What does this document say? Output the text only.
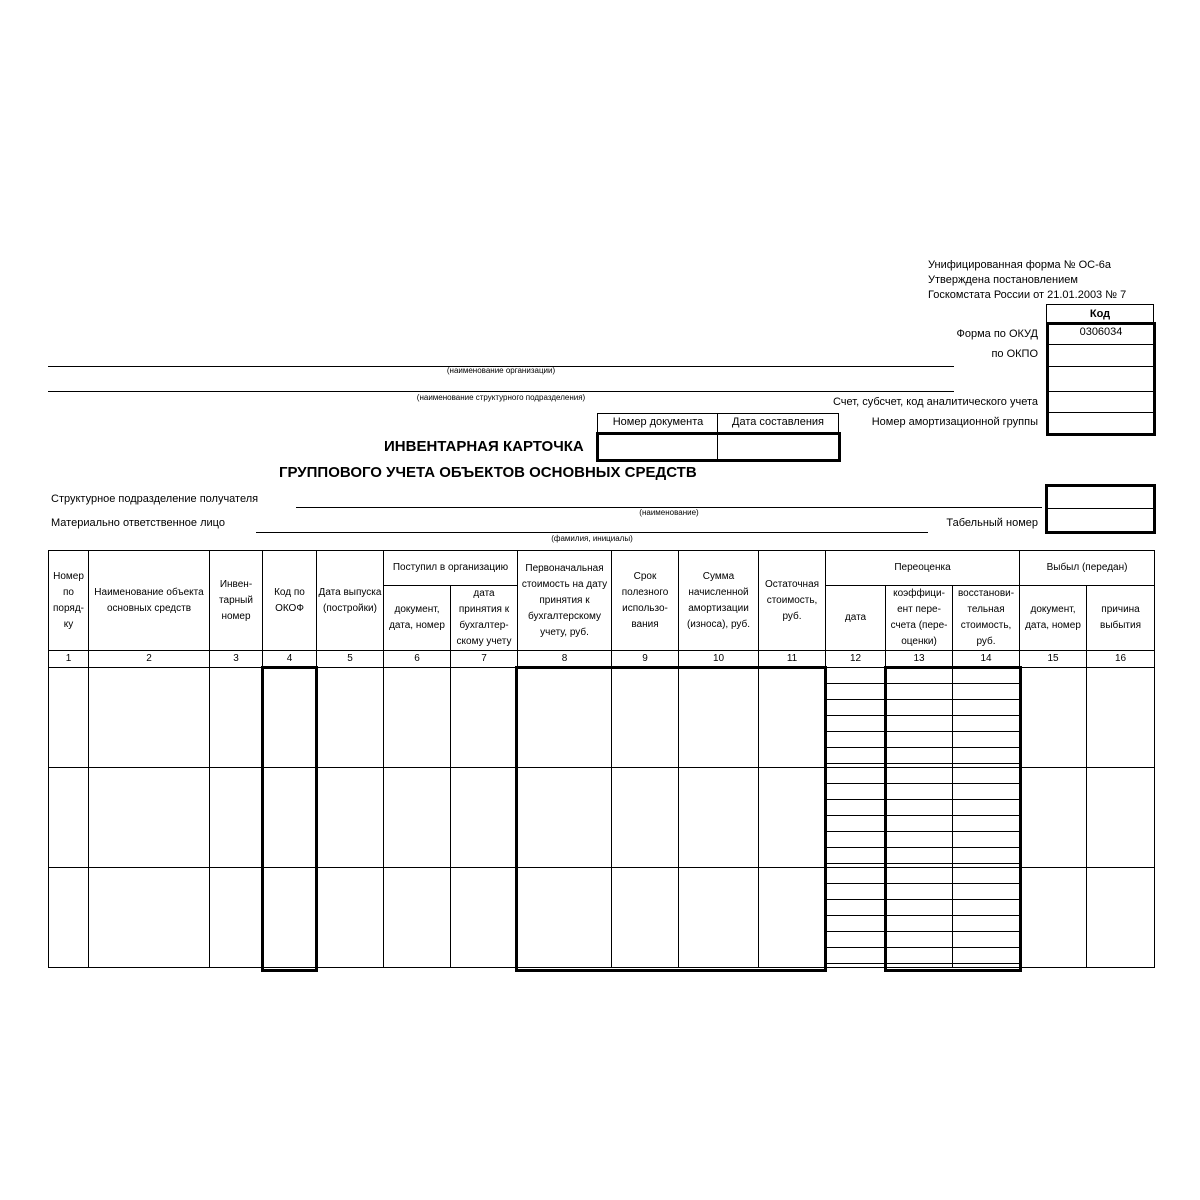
Унифицированная форма № ОС-6а
Утверждена постановлением
Госкомстата России от 21.01.2003 № 7
Код
0306034
Форма по ОКУД
по ОКПО
Счет, субсчет, код аналитического учета
Номер амортизационной группы
(наименование организации)
(наименование структурного подразделения)
Номер документа	Дата составления
ИНВЕНТАРНАЯ КАРТОЧКА
ГРУППОВОГО УЧЕТА ОБЪЕКТОВ ОСНОВНЫХ СРЕДСТВ
Структурное подразделение получателя
(наименование)
Материально ответственное лицо
(фамилия, инициалы)
Табельный номер
Номер по поряд-ку	Наименование объекта основных средств	Инвен-тарный номер	Код по ОКОФ	Дата выпуска (постройки)	Поступил в организацию		Первоначальная стоимость на дату принятия к бухгалтерскому учету, руб.	Срок полезного использо-вания	Сумма начисленной амортизации (износа), руб.	Остаточная стоимость, руб.	Переоценка			Выбыл (передан)	
					документ, дата, номер	дата принятия к бухгалтер-скому учету					дата	коэффици-ент пере-счета (пере-оценки)	восстанови-тельная стоимость, руб.	документ, дата, номер	причина выбытия
1	2	3	4	5	6	7	8	9	10	11	12	13	14	15	16
